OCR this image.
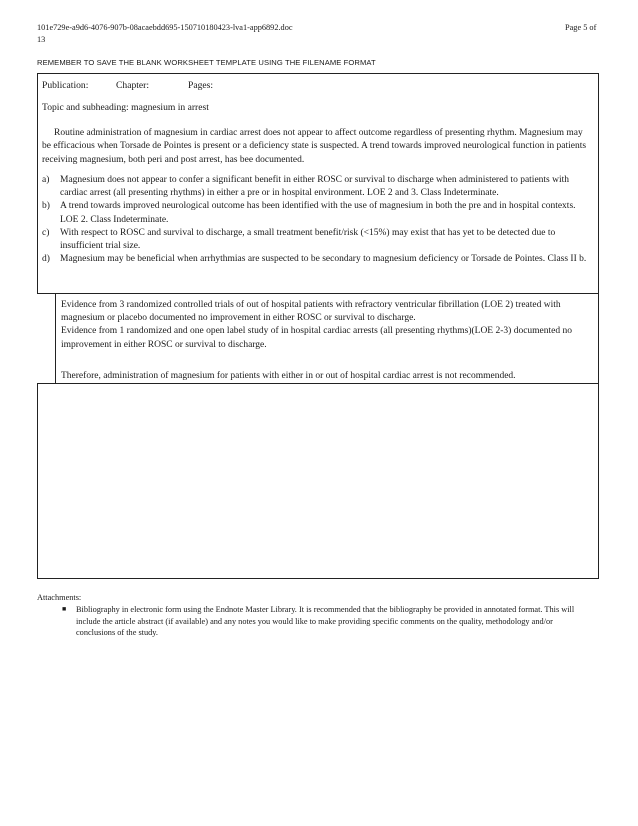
101e729e-a9d6-4076-907b-08acaebdd695-150710180423-lva1-app6892.doc	Page 5 of
13
REMEMBER TO SAVE THE BLANK WORKSHEET TEMPLATE USING THE FILENAME FORMAT
Publication:	Chapter:	Pages:
Topic and subheading: magnesium in arrest
Routine administration of magnesium in cardiac arrest does not appear to affect outcome regardless of presenting rhythm. Magnesium may be efficacious when Torsade de Pointes is present or a deficiency state is suspected. A trend towards improved neurological function in patients receiving magnesium, both peri and post arrest, has bee documented.
a)	Magnesium does not appear to confer a significant benefit in either ROSC or survival to discharge when administered to patients with cardiac arrest (all presenting rhythms) in either a pre or in hospital environment. LOE 2 and 3. Class Indeterminate.
b)	A trend towards improved neurological outcome has been identified with the use of magnesium in both the pre and in hospital contexts. LOE 2. Class Indeterminate.
c)	With respect to ROSC and survival to discharge, a small treatment benefit/risk (<15%) may exist that has yet to be detected due to insufficient trial size.
d)	Magnesium may be beneficial when arrhythmias are suspected to be secondary to magnesium deficiency or Torsade de Pointes. Class II b.
Evidence from 3 randomized controlled trials of out of hospital patients with refractory ventricular fibrillation (LOE 2) treated with magnesium or placebo documented no improvement in either ROSC or survival to discharge.
Evidence from 1 randomized and one open label study of in hospital cardiac arrests (all presenting rhythms)(LOE 2-3) documented no improvement in either ROSC or survival to discharge.
Therefore, administration of magnesium for patients with either in or out of hospital cardiac arrest is not recommended.
Attachments:
■	Bibliography in electronic form using the Endnote Master Library. It is recommended that the bibliography be provided in annotated format. This will include the article abstract (if available) and any notes you would like to make providing specific comments on the quality, methodology and/or conclusions of the study.
